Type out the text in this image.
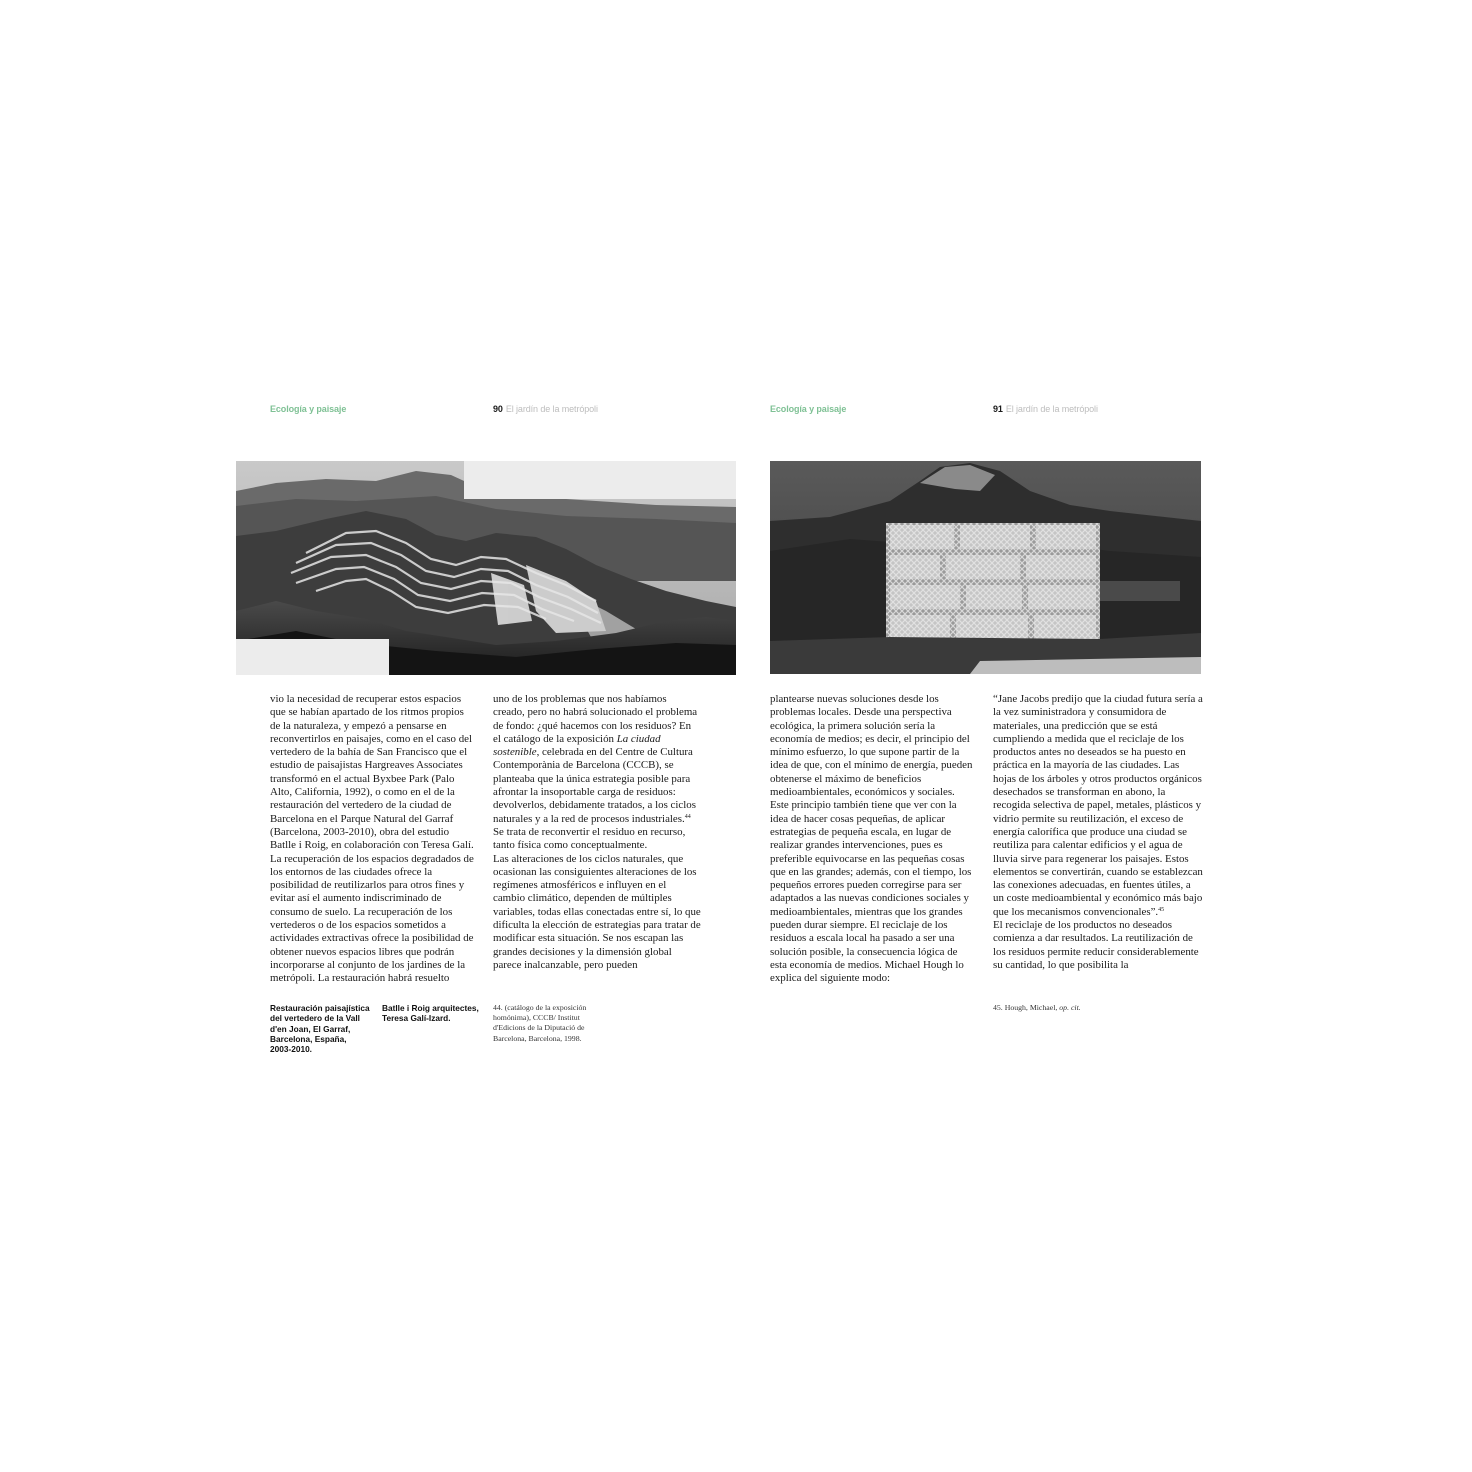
Ecología y paisaje	90 El jardín de la metrópoli	Ecología y paisaje	91 El jardín de la metrópoli

vio la necesidad de recuperar estos espacios que se habían apartado de los ritmos propios de la naturaleza, y empezó a pensarse en reconvertirlos en paisajes, como en el caso del vertedero de la bahía de San Francisco que el estudio de paisajistas Hargreaves Associates transformó en el actual Byxbee Park (Palo Alto, California, 1992), o como en el de la restauración del vertedero de la ciudad de Barcelona en el Parque Natural del Garraf (Barcelona, 2003-2010), obra del estudio Batlle i Roig, en colaboración con Teresa Galí.

La recuperación de los espacios degradados de los entornos de las ciudades ofrece la posibilidad de reutilizarlos para otros fines y evitar así el aumento indiscriminado de consumo de suelo. La recuperación de los vertederos o de los espacios sometidos a actividades extractivas ofrece la posibilidad de obtener nuevos espacios libres que podrán incorporarse al conjunto de los jardines de la metrópoli. La restauración habrá resuelto

uno de los problemas que nos habíamos creado, pero no habrá solucionado el problema de fondo: ¿qué hacemos con los residuos? En el catálogo de la exposición La ciudad sostenible, celebrada en del Centre de Cultura Contemporània de Barcelona (CCCB), se planteaba que la única estrategia posible para afrontar la insoportable carga de residuos: devolverlos, debidamente tratados, a los ciclos naturales y a la red de procesos industriales.$^{44}$ Se trata de reconvertir el residuo en recurso, tanto física como conceptualmente.

Las alteraciones de los ciclos naturales, que ocasionan las consiguientes alteraciones de los regímenes atmosféricos e influyen en el cambio climático, dependen de múltiples variables, todas ellas conectadas entre sí, lo que dificulta la elección de estrategias para tratar de modificar esta situación. Se nos escapan las grandes decisiones y la dimensión global parece inalcanzable, pero pueden

Restauración paisajística del vertedero de la Vall d'en Joan, El Garraf, Barcelona, España, 2003-2010.
Batlle i Roig arquitectes, Teresa Galí-Izard.
44. (catálogo de la exposición homónima), CCCB/ Institut d'Edicions de la Diputació de Barcelona, Barcelona, 1998.

plantearse nuevas soluciones desde los problemas locales. Desde una perspectiva ecológica, la primera solución sería la economía de medios; es decir, el principio del mínimo esfuerzo, lo que supone partir de la idea de que, con el mínimo de energía, pueden obtenerse el máximo de beneficios medioambientales, económicos y sociales.

Este principio también tiene que ver con la idea de hacer cosas pequeñas, de aplicar estrategias de pequeña escala, en lugar de realizar grandes intervenciones, pues es preferible equivocarse en las pequeñas cosas que en las grandes; además, con el tiempo, los pequeños errores pueden corregirse para ser adaptados a las nuevas condiciones sociales y medioambientales, mientras que los grandes pueden durar siempre. El reciclaje de los residuos a escala local ha pasado a ser una solución posible, la consecuencia lógica de esta economía de medios. Michael Hough lo explica del siguiente modo:

“Jane Jacobs predijo que la ciudad futura sería a la vez suministradora y consumidora de materiales, una predicción que se está cumpliendo a medida que el reciclaje de los productos antes no deseados se ha puesto en práctica en la mayoría de las ciudades. Las hojas de los árboles y otros productos orgánicos desechados se transforman en abono, la recogida selectiva de papel, metales, plásticos y vidrio permite su reutilización, el exceso de energía calorífica que produce una ciudad se reutiliza para calentar edificios y el agua de lluvia sirve para regenerar los paisajes. Estos elementos se convertirán, cuando se establezcan las conexiones adecuadas, en fuentes útiles, a un coste medioambiental y económico más bajo que los mecanismos convencionales”.$^{45}$

El reciclaje de los productos no deseados comienza a dar resultados. La reutilización de los residuos permite reducir considerablemente su cantidad, lo que posibilita la

45. Hough, Michael, op. cit.
